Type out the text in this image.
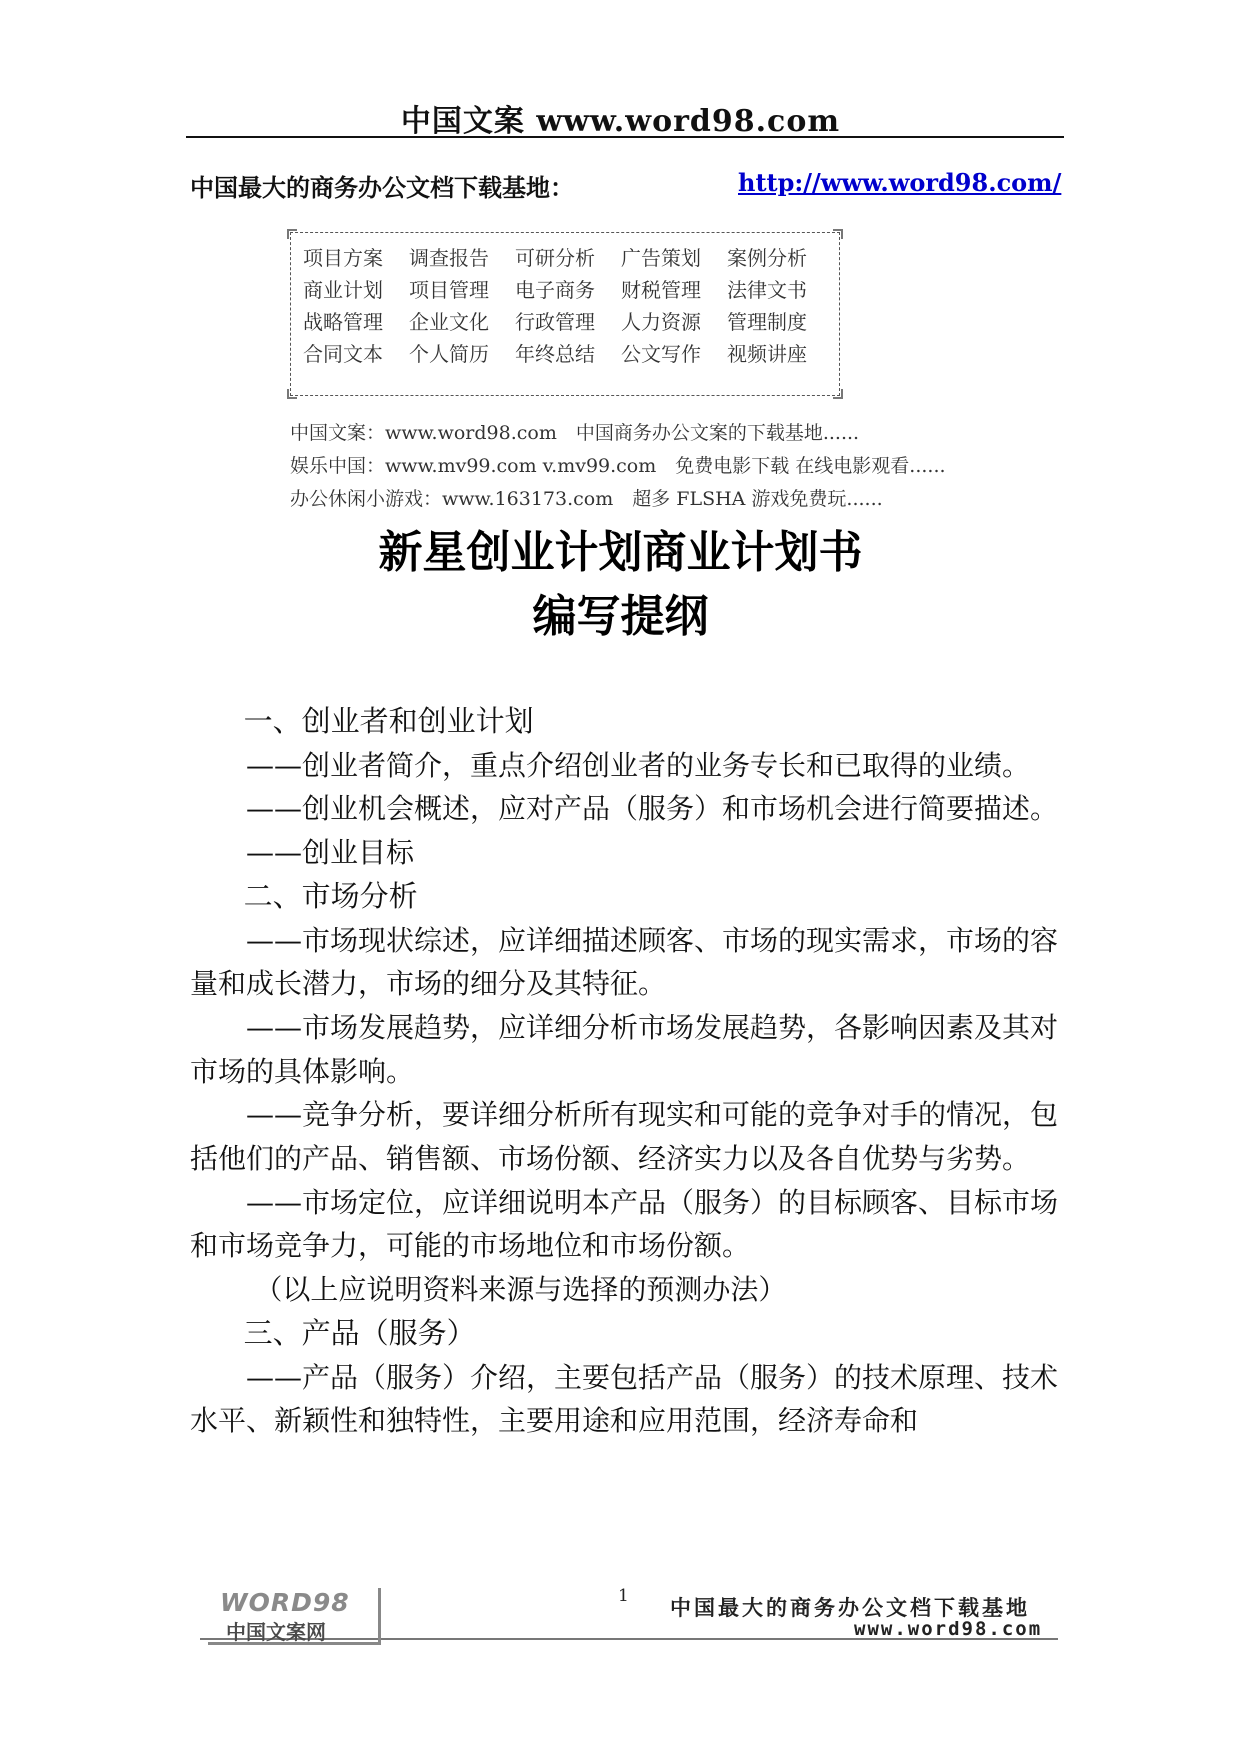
中国文案 www.word98.com
中国最大的商务办公文档下载基地：	http://www.word98.com/
项目方案	调查报告	可研分析	广告策划	案例分析
商业计划	项目管理	电子商务	财税管理	法律文书
战略管理	企业文化	行政管理	人力资源	管理制度
合同文本	个人简历	年终总结	公文写作	视频讲座
中国文案：www.word98.com　中国商务办公文案的下载基地......
娱乐中国：www.mv99.com v.mv99.com　免费电影下载 在线电影观看......
办公休闲小游戏：www.163173.com　超多 FLSHA 游戏免费玩......
新星创业计划商业计划书
编写提纲

一、创业者和创业计划

——创业者简介，重点介绍创业者的业务专长和已取得的业绩。

——创业机会概述，应对产品（服务）和市场机会进行简要描述。

——创业目标

二、市场分析

——市场现状综述，应详细描述顾客、市场的现实需求，市场的容量和成长潜力，市场的细分及其特征。

——市场发展趋势，应详细分析市场发展趋势，各影响因素及其对市场的具体影响。

——竞争分析，要详细分析所有现实和可能的竞争对手的情况，包括他们的产品、销售额、市场份额、经济实力以及各自优势与劣势。

——市场定位，应详细说明本产品（服务）的目标顾客、目标市场和市场竞争力，可能的市场地位和市场份额。

（以上应说明资料来源与选择的预测办法）

三、产品（服务）

——产品（服务）介绍，主要包括产品（服务）的技术原理、技术水平、新颖性和独特性，主要用途和应用范围，经济寿命和

WORD98
中国文案网
1 中国最大的商务办公文档下载基地
www.word98.com
